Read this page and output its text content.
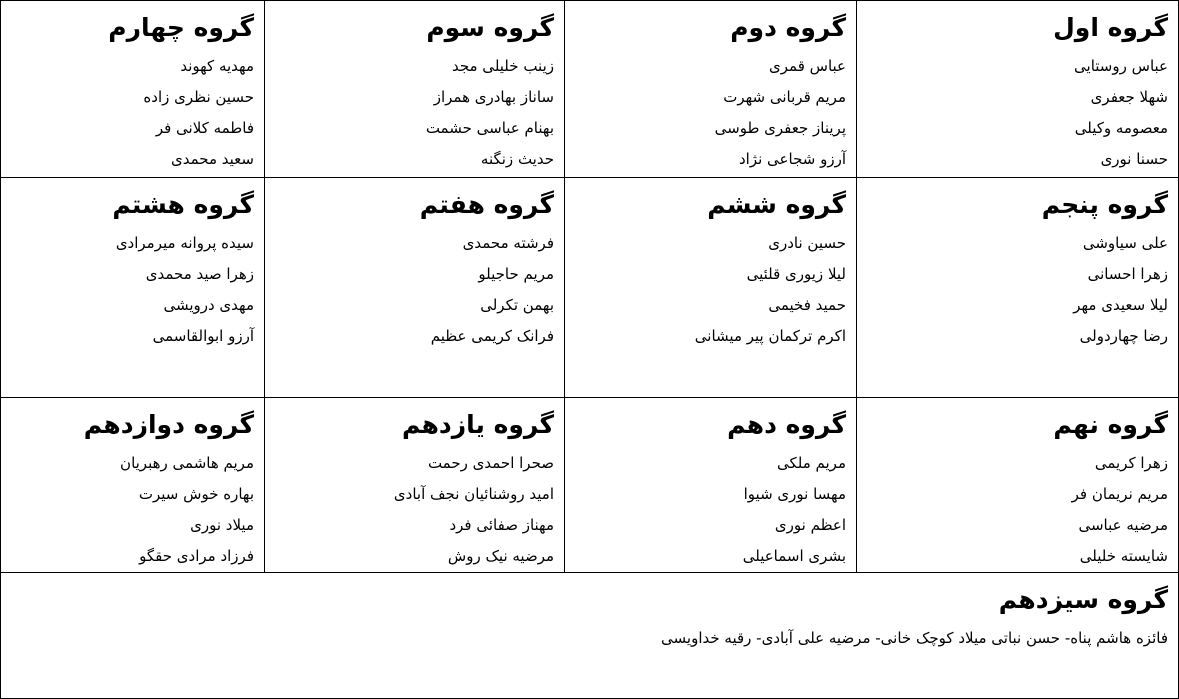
گروه اول
عباس روستایی
شهلا جعفری
معصومه وکیلی
حسنا نوری
گروه دوم
عباس قمری
مریم قربانی شهرت
پریناز جعفری طوسی
آرزو شجاعی نژاد
گروه سوم
زینب خلیلی مجد
ساناز بهادری همراز
بهنام عباسی حشمت
حدیث زنگنه
گروه چهارم
مهدیه کهوند
حسین نظری زاده
فاطمه کلانی فر
سعید محمدی
گروه پنجم
علی سیاوشی
زهرا احسانی
لیلا سعیدی مهر
رضا چهاردولی
گروه ششم
حسین نادری
لیلا زیوری قلئیی
حمید فخیمی
اکرم ترکمان پیر میشانی
گروه هفتم
فرشته محمدی
مریم حاجیلو
بهمن تکرلی
فرانک کریمی عظیم
گروه هشتم
سیده پروانه میرمرادی
زهرا صید محمدی
مهدی درویشی
آرزو ابوالقاسمی
گروه نهم
زهرا کریمی
مریم نریمان فر
مرضیه عباسی
شایسته خلیلی
گروه دهم
مریم ملکی
مهسا نوری شیوا
اعظم نوری
بشری اسماعیلی
گروه یازدهم
صحرا احمدی رحمت
امید روشنائیان نجف آبادی
مهناز صفائی فرد
مرضیه نیک روش
گروه دوازدهم
مریم هاشمی رهبریان
بهاره خوش سیرت
میلاد نوری
فرزاد مرادی حقگو
گروه سیزدهم
فائزه هاشم پناه- حسن نباتی میلاد کوچک خانی- مرضیه علی آبادی- رقیه خداویسی
